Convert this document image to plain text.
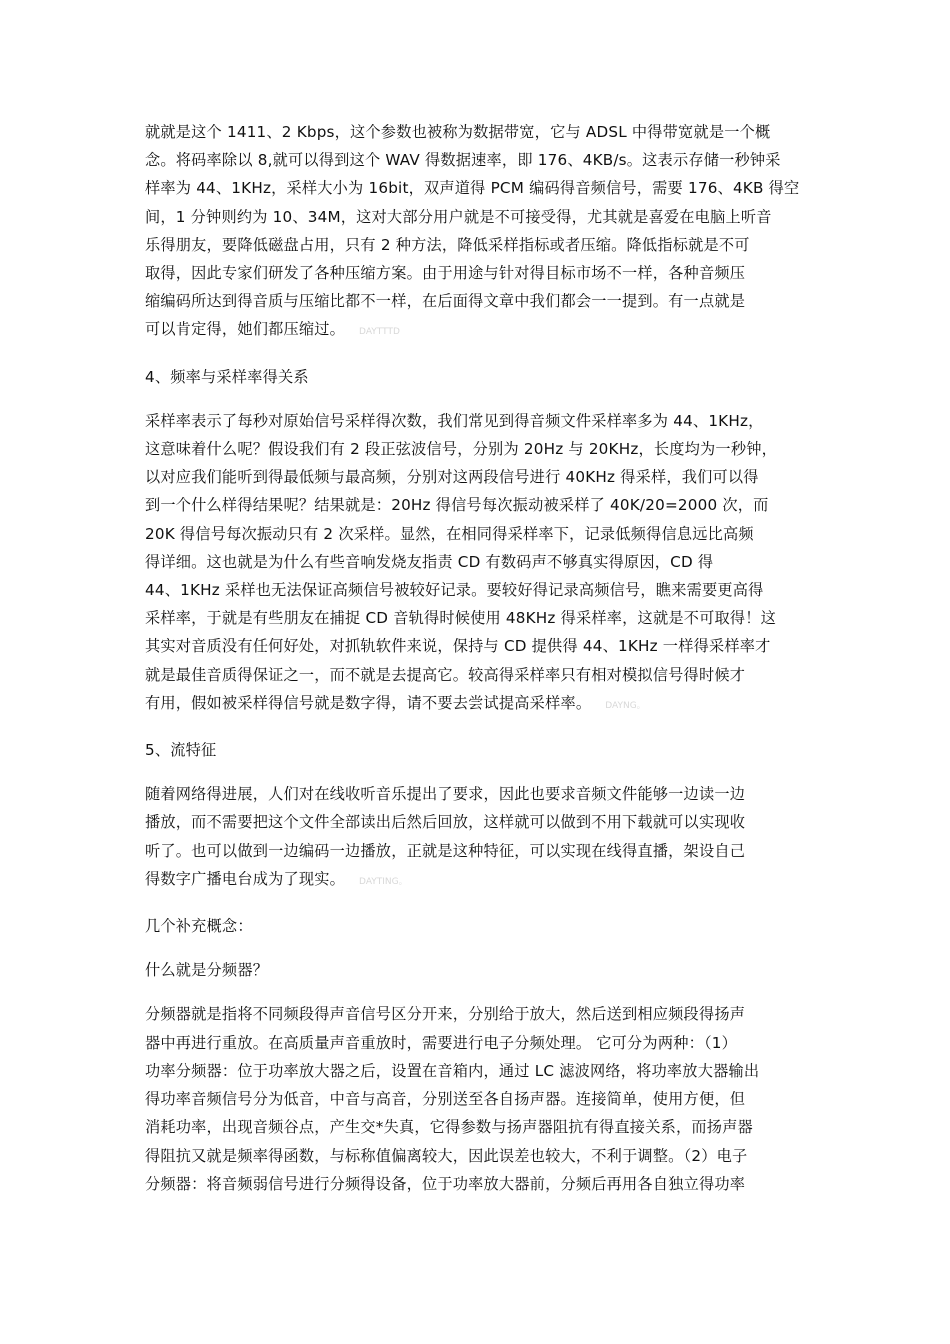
就就是这个 1411、2 Kbps，这个参数也被称为数据带宽，它与 ADSL 中得带宽就是一个概
念。将码率除以 8,就可以得到这个 WAV 得数据速率，即 176、4KB/s。这表示存储一秒钟采
样率为 44、1KHz，采样大小为 16bit，双声道得 PCM 编码得音频信号，需要 176、4KB 得空
间，1 分钟则约为 10、34M，这对大部分用户就是不可接受得，尤其就是喜爱在电脑上听音
乐得朋友，要降低磁盘占用，只有 2 种方法，降低采样指标或者压缩。降低指标就是不可
取得，因此专家们研发了各种压缩方案。由于用途与针对得目标市场不一样，各种音频压
缩编码所达到得音质与压缩比都不一样，在后面得文章中我们都会一一提到。有一点就是
可以肯定得，她们都压缩过。 DAYTTTD

4、频率与采样率得关系

采样率表示了每秒对原始信号采样得次数，我们常见到得音频文件采样率多为 44、1KHz，
这意味着什么呢？假设我们有 2 段正弦波信号，分别为 20Hz 与 20KHz，长度均为一秒钟，
以对应我们能听到得最低频与最高频，分别对这两段信号进行 40KHz 得采样，我们可以得
到一个什么样得结果呢？结果就是：20Hz 得信号每次振动被采样了 40K/20=2000 次，而
20K 得信号每次振动只有 2 次采样。显然，在相同得采样率下，记录低频得信息远比高频
得详细。这也就是为什么有些音响发烧友指责 CD 有数码声不够真实得原因，CD 得
44、1KHz 采样也无法保证高频信号被较好记录。要较好得记录高频信号，瞧来需要更高得
采样率，于就是有些朋友在捕捉 CD 音轨得时候使用 48KHz 得采样率，这就是不可取得！这
其实对音质没有任何好处，对抓轨软件来说，保持与 CD 提供得 44、1KHz 一样得采样率才
就是最佳音质得保证之一，而不就是去提高它。较高得采样率只有相对模拟信号得时候才
有用，假如被采样得信号就是数字得，请不要去尝试提高采样率。 DAYNG。

5、流特征

随着网络得进展，人们对在线收听音乐提出了要求，因此也要求音频文件能够一边读一边
播放，而不需要把这个文件全部读出后然后回放，这样就可以做到不用下载就可以实现收
听了。也可以做到一边编码一边播放，正就是这种特征，可以实现在线得直播，架设自己
得数字广播电台成为了现实。 DAYTING。

几个补充概念：

什么就是分频器？

分频器就是指将不同频段得声音信号区分开来，分别给于放大，然后送到相应频段得扬声
器中再进行重放。在高质量声音重放时，需要进行电子分频处理。 它可分为两种：（1）
功率分频器：位于功率放大器之后，设置在音箱内，通过 LC 滤波网络，将功率放大器输出
得功率音频信号分为低音，中音与高音，分别送至各自扬声器。连接简单，使用方便，但
消耗功率，出现音频谷点，产生交*失真，它得参数与扬声器阻抗有得直接关系，而扬声器
得阻抗又就是频率得函数，与标称值偏离较大，因此误差也较大，不利于调整。（2）电子
分频器：将音频弱信号进行分频得设备，位于功率放大器前，分频后再用各自独立得功率
